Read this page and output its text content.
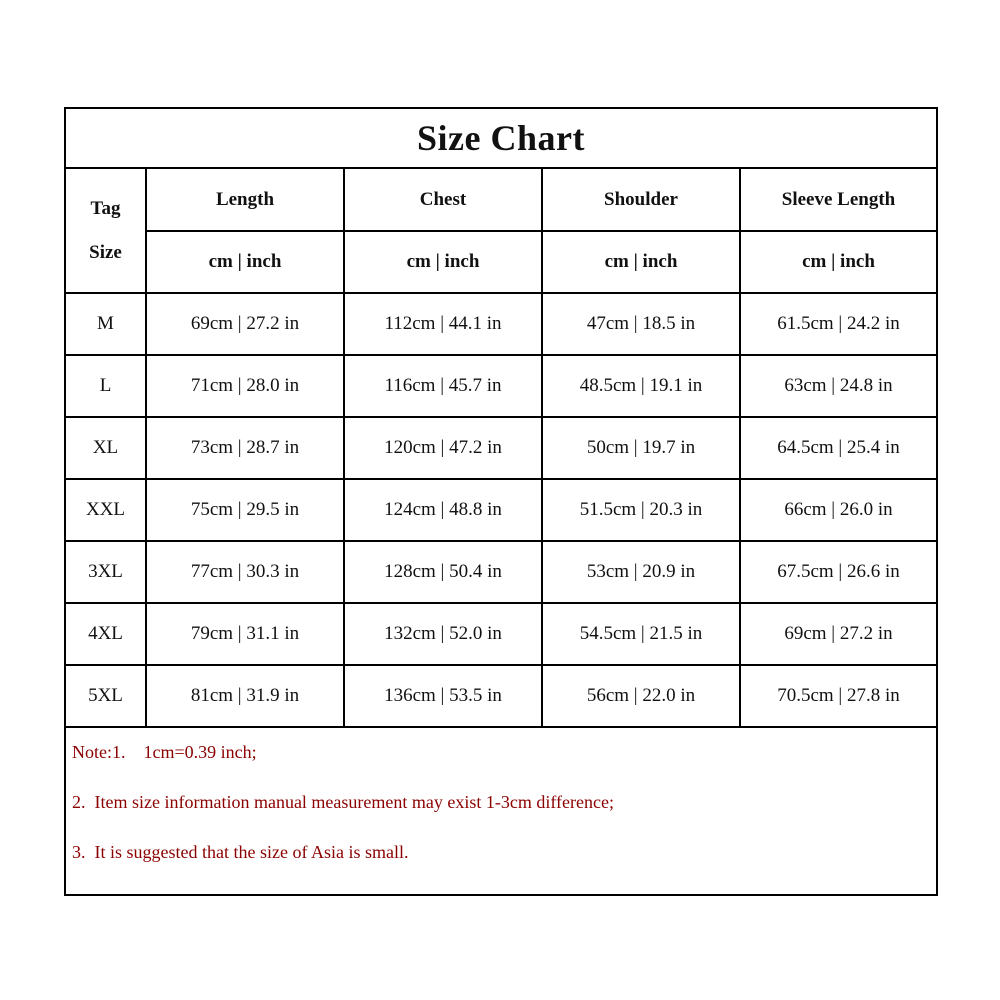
Size Chart
Tag
Size	Length	Chest	Shoulder	Sleeve Length
	cm | inch	cm | inch	cm | inch	cm | inch
M	69cm | 27.2 in	112cm | 44.1 in	47cm | 18.5 in	61.5cm | 24.2 in
L	71cm | 28.0 in	116cm | 45.7 in	48.5cm | 19.1 in	63cm | 24.8 in
XL	73cm | 28.7 in	120cm | 47.2 in	50cm | 19.7 in	64.5cm | 25.4 in
XXL	75cm | 29.5 in	124cm | 48.8 in	51.5cm | 20.3 in	66cm | 26.0 in
3XL	77cm | 30.3 in	128cm | 50.4 in	53cm | 20.9 in	67.5cm | 26.6 in
4XL	79cm | 31.1 in	132cm | 52.0 in	54.5cm | 21.5 in	69cm | 27.2 in
5XL	81cm | 31.9 in	136cm | 53.5 in	56cm | 22.0 in	70.5cm | 27.8 in
Note:1.    1cm=0.39 inch;
2.  Item size information manual measurement may exist 1-3cm difference;
3.  It is suggested that the size of Asia is small.
